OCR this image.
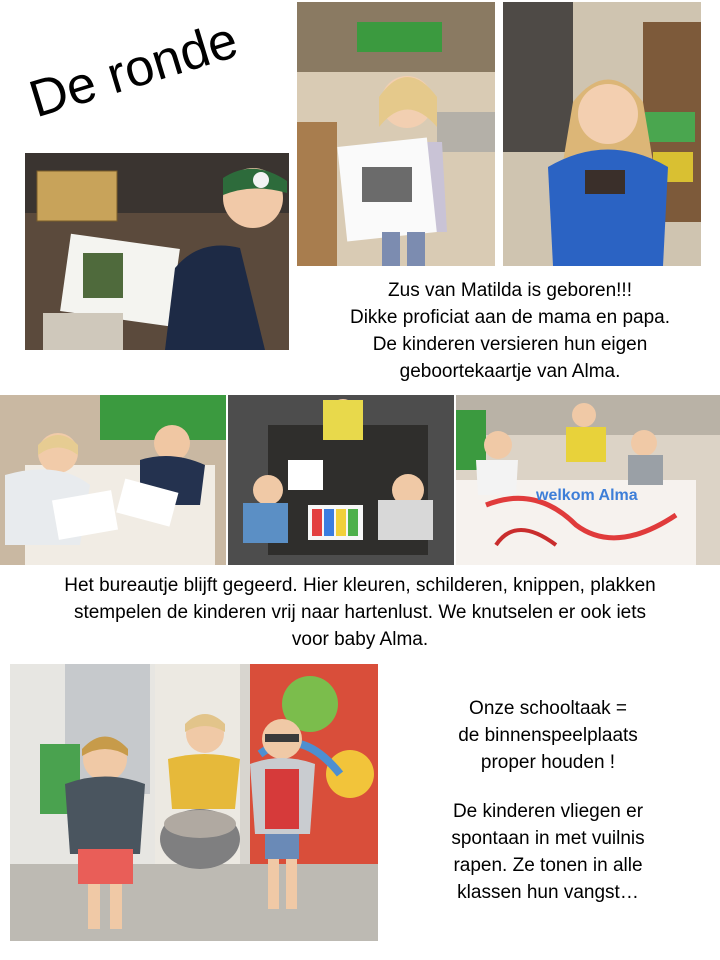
De ronde
welkom Alma

Zus van Matilda is geboren!!!

Dikke proficiat aan de mama en papa.

De kinderen versieren hun eigen

geboortekaartje van Alma.

Het bureautje blijft gegeerd. Hier kleuren, schilderen, knippen, plakken

stempelen de kinderen vrij naar hartenlust. We knutselen er ook iets

voor baby Alma.

Onze schooltaak =

de binnenspeelplaats

proper houden !

De kinderen vliegen er

spontaan in met vuilnis

rapen. Ze tonen in alle

klassen hun vangst…
